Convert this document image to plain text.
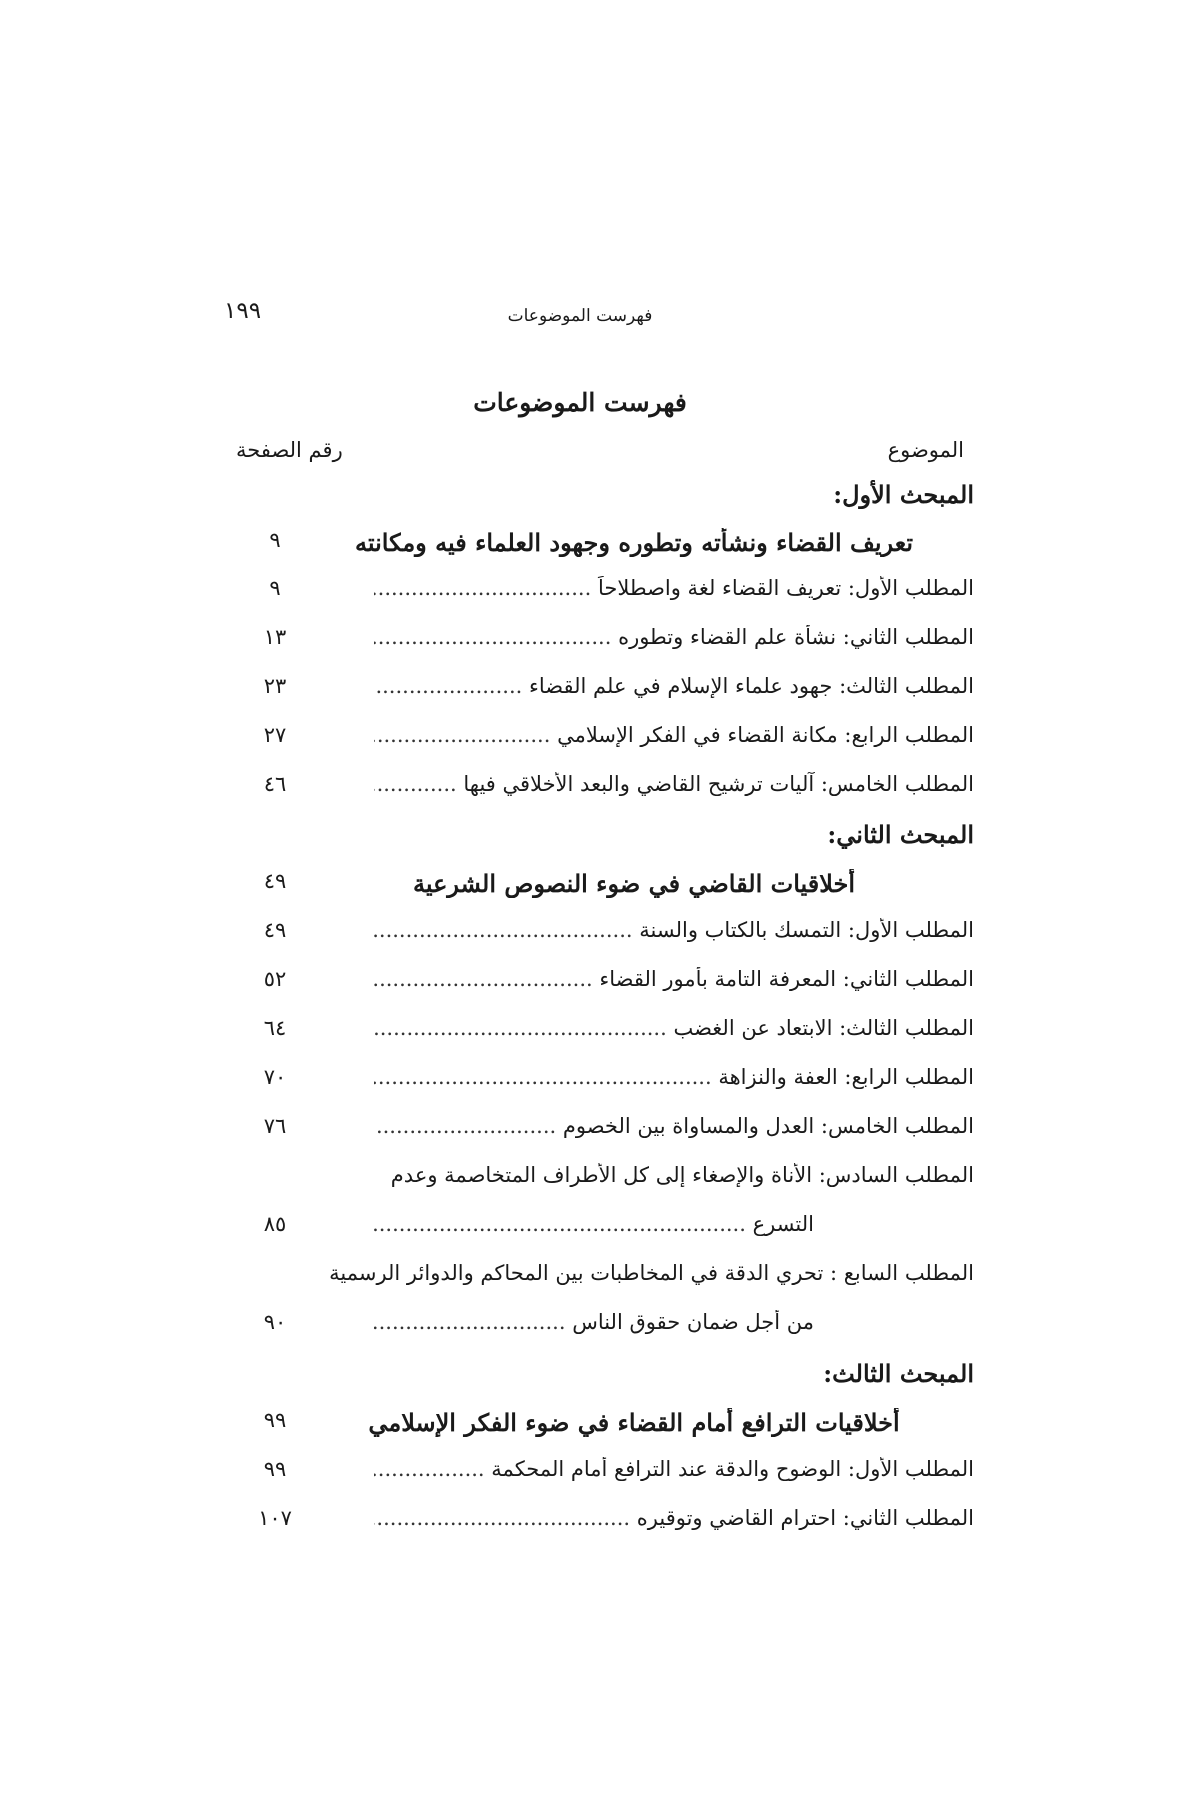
فهرست الموضوعات
١٩٩
فهرست الموضوعات
الموضوع
رقم الصفحة
المبحث الأول:
تعريف القضاء ونشأته وتطوره وجهود العلماء فيه ومكانته
٩
المطلب الأول: تعريف القضاء لغة واصطلاحاً .....
٩
المطلب الثاني: نشأة علم القضاء وتطوره .....
١٣
المطلب الثالث: جهود علماء الإسلام في علم القضاء .....
٢٣
المطلب الرابع: مكانة القضاء في الفكر الإسلامي .....
٢٧
المطلب الخامس: آليات ترشيح القاضي والبعد الأخلاقي فيها .....
٤٦
المبحث الثاني:
أخلاقيات القاضي في ضوء النصوص الشرعية
٤٩
المطلب الأول: التمسك بالكتاب والسنة .....
٤٩
المطلب الثاني: المعرفة التامة بأمور القضاء .....
٥٢
المطلب الثالث: الابتعاد عن الغضب .....
٦٤
المطلب الرابع: العفة والنزاهة .....
٧٠
المطلب الخامس: العدل والمساواة بين الخصوم .....
٧٦
المطلب السادس: الأناة والإصغاء إلى كل الأطراف المتخاصمة وعدم
التسرع .....
٨٥
المطلب السابع : تحري الدقة في المخاطبات بين المحاكم والدوائر الرسمية
من أجل ضمان حقوق الناس .....
٩٠
المبحث الثالث:
أخلاقيات الترافع أمام القضاء في ضوء الفكر الإسلامي
٩٩
المطلب الأول: الوضوح والدقة عند الترافع أمام المحكمة .....
٩٩
المطلب الثاني: احترام القاضي وتوقيره .....
١٠٧
